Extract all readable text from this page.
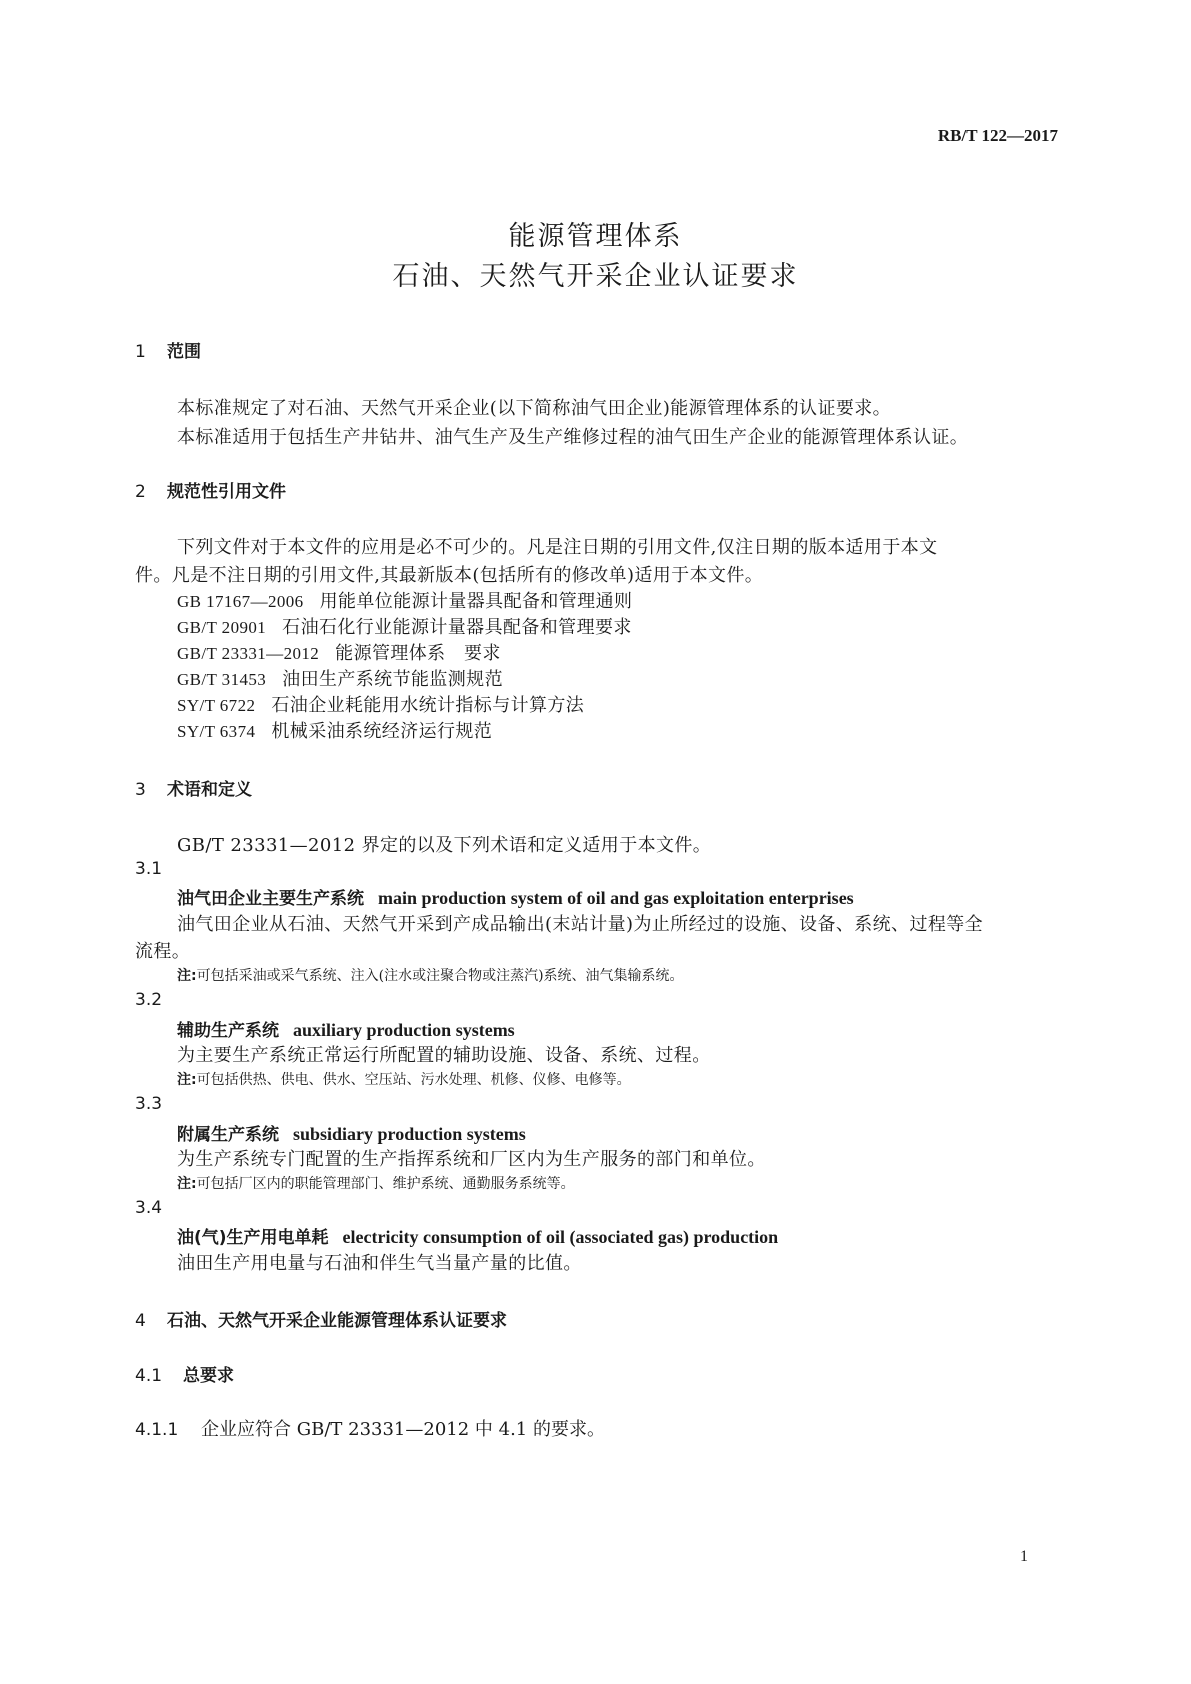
RB/T 122—2017
能源管理体系
石油、天然气开采企业认证要求
1 范围
本标准规定了对石油、天然气开采企业(以下简称油气田企业)能源管理体系的认证要求。
本标准适用于包括生产井钻井、油气生产及生产维修过程的油气田生产企业的能源管理体系认证。
2 规范性引用文件
下列文件对于本文件的应用是必不可少的。凡是注日期的引用文件,仅注日期的版本适用于本文
件。凡是不注日期的引用文件,其最新版本(包括所有的修改单)适用于本文件。
GB 17167—2006 用能单位能源计量器具配备和管理通则
GB/T 20901 石油石化行业能源计量器具配备和管理要求
GB/T 23331—2012 能源管理体系　要求
GB/T 31453 油田生产系统节能监测规范
SY/T 6722 石油企业耗能用水统计指标与计算方法
SY/T 6374 机械采油系统经济运行规范
3 术语和定义
GB/T 23331—2012 界定的以及下列术语和定义适用于本文件。
3.1
油气田企业主要生产系统 main production system of oil and gas exploitation enterprises
油气田企业从石油、天然气开采到产成品输出(末站计量)为止所经过的设施、设备、系统、过程等全
流程。
注:可包括采油或采气系统、注入(注水或注聚合物或注蒸汽)系统、油气集输系统。
3.2
辅助生产系统 auxiliary production systems
为主要生产系统正常运行所配置的辅助设施、设备、系统、过程。
注:可包括供热、供电、供水、空压站、污水处理、机修、仪修、电修等。
3.3
附属生产系统 subsidiary production systems
为生产系统专门配置的生产指挥系统和厂区内为生产服务的部门和单位。
注:可包括厂区内的职能管理部门、维护系统、通勤服务系统等。
3.4
油(气)生产用电单耗 electricity consumption of oil (associated gas) production
油田生产用电量与石油和伴生气当量产量的比值。
4 石油、天然气开采企业能源管理体系认证要求
4.1 总要求
4.1.1 企业应符合 GB/T 23331—2012 中 4.1 的要求。
1
